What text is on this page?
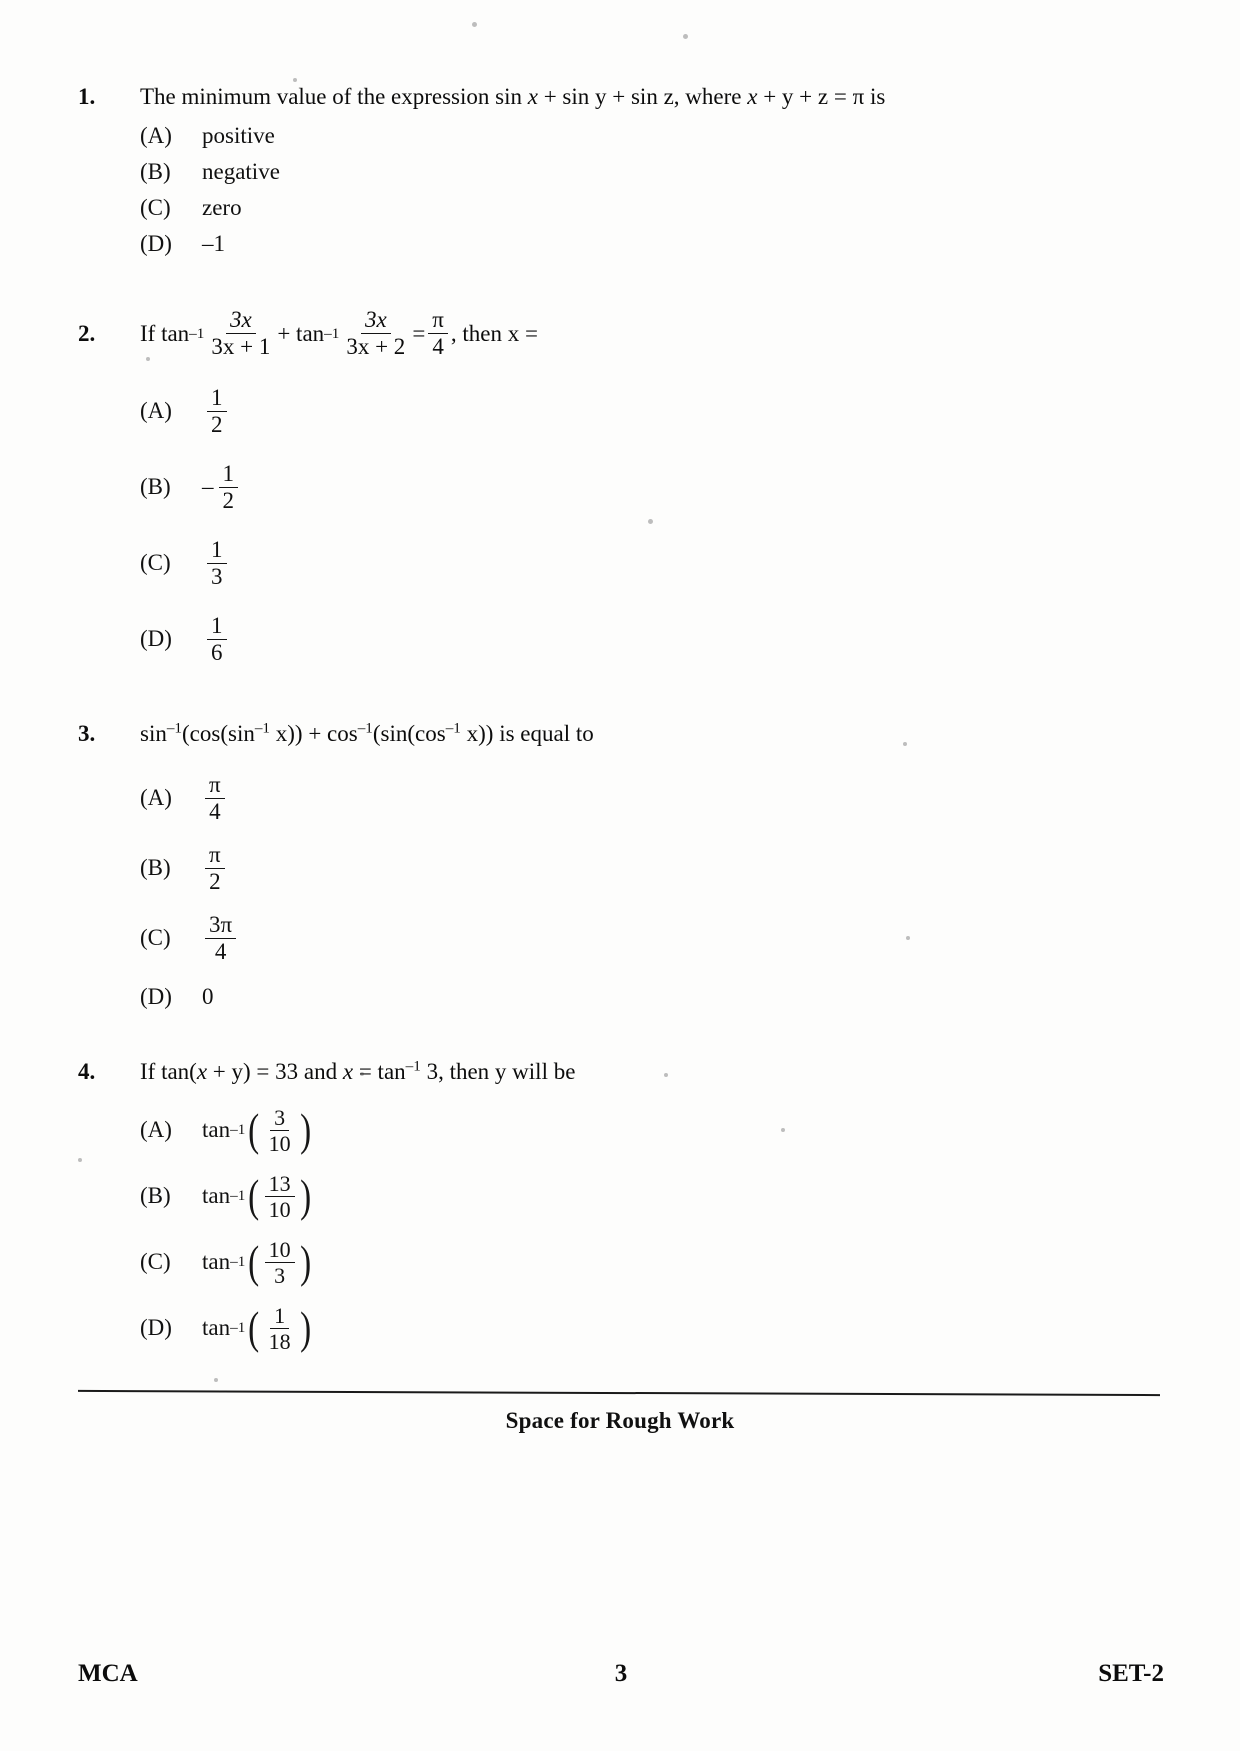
1.	The minimum value of the expression sin x + sin y + sin z, where x + y + z = π is
(A)	positive
(B)	negative
(C)	zero
(D)	–1
2.	If $\tan -1 \frac{3x}{3x + 1} + \tan -1 \frac{3x}{3x + 2} = \frac{\pi}{4}$ , then x =
(A)	$\frac{1}{2}$
(B)	– $\frac{1}{2}$
(C)	$\frac{1}{3}$
(D)	$\frac{1}{6}$
3.	$\sin^{-1}(\cos(\sin^{-1}$ $x)) + \cos^{-1}(\sin(\cos^{-1}$ x)) is equal to
(A)	$\frac{\pi}{4}$
(B)	$\frac{\pi}{2}$
(C)	$\frac{3\pi}{4}$
(D)	0
4.	If tan(x + y) = 33 and $x = \tan^{-1} 3$, then y will be
(A)	tan –1 ( $\frac{3}{10}$ )
(B)	tan –1 ( $\frac{13}{10}$ )
(C)	tan –1 ( $\frac{10}{3}$ )
(D)	tan –1 ( $\frac{1}{18}$ )
Space for Rough Work
MCA	3	SET-2
